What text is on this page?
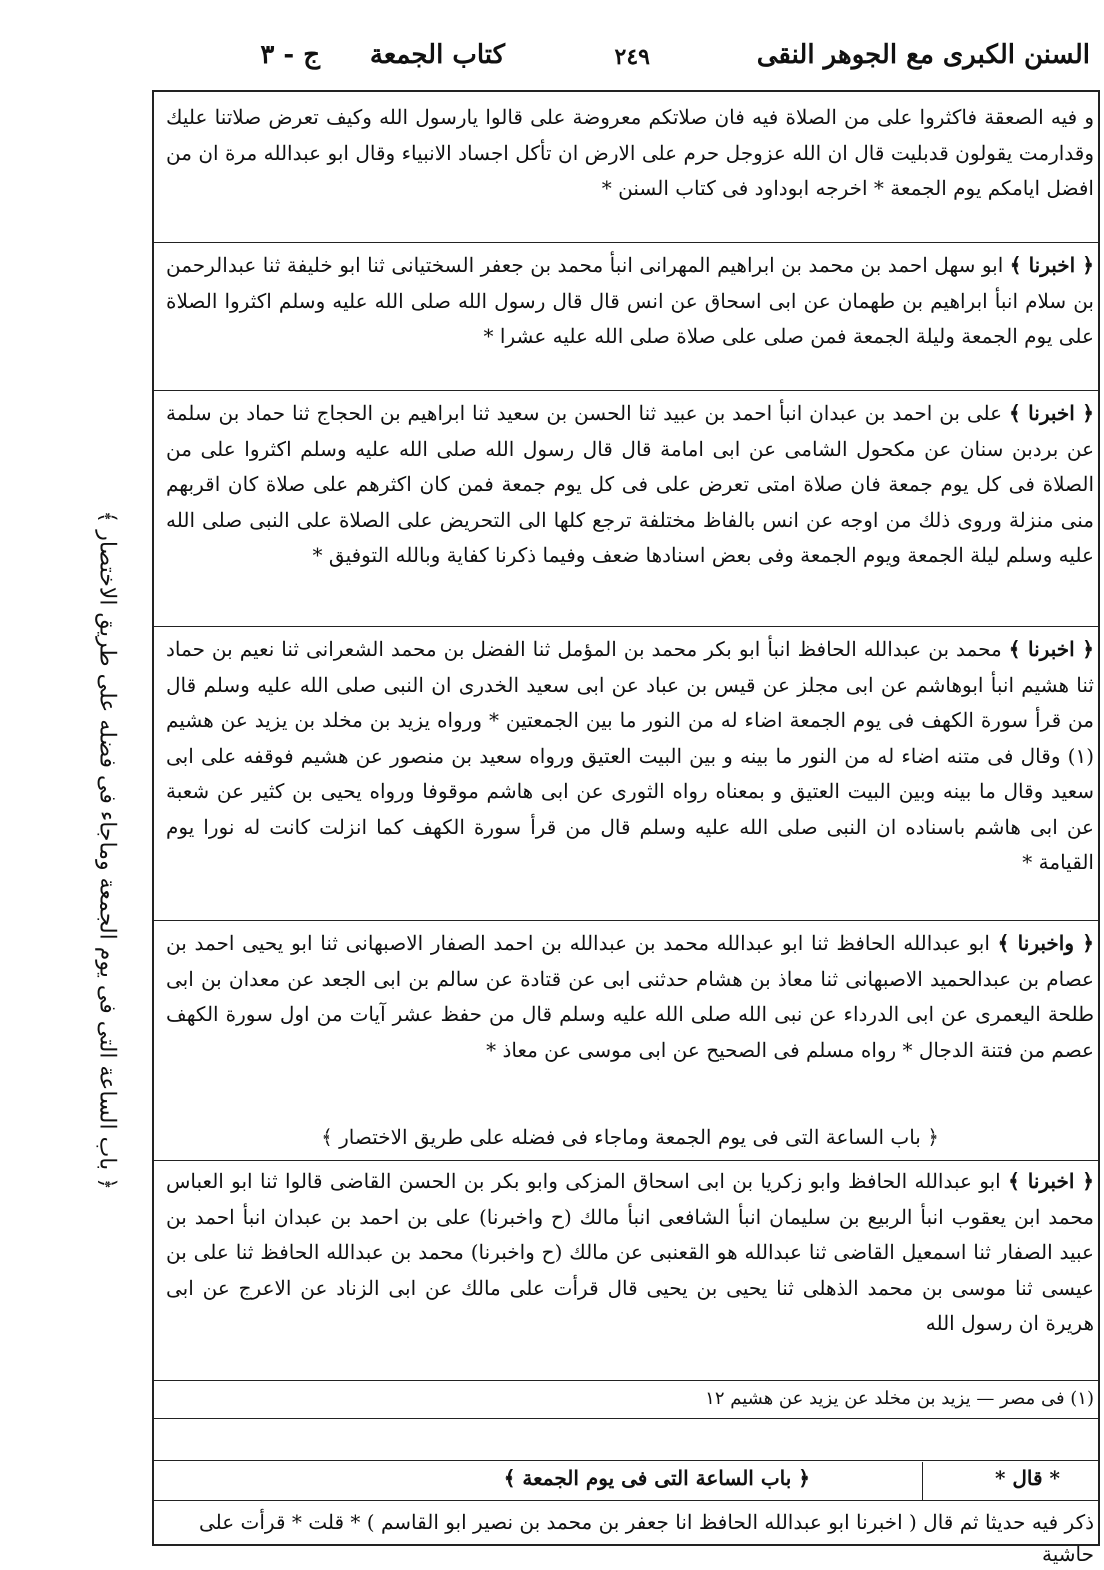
السنن الكبرى مع الجوهر النقى
٢٤٩
كتاب الجمعة
ج - ٣
﴿ باب الساعة التى فى يوم الجمعة وماجاء فى فضله على طريق الاختصار ﴾

و فيه الصعقة فاكثروا على من الصلاة فيه فان صلاتكم معروضة على قالوا يارسول الله وكيف تعرض صلاتنا عليك وقدارمت يقولون قدبليت قال ان الله عزوجل حرم على الارض ان تأكل اجساد الانبياء وقال ابو عبدالله مرة ان من افضل ايامكم يوم الجمعة * اخرجه ابوداود فى كتاب السنن *

﴿ اخبرنا ﴾ ابو سهل احمد بن محمد بن ابراهيم المهرانى انبأ محمد بن جعفر السختيانى ثنا ابو خليفة ثنا عبدالرحمن بن سلام انبأ ابراهيم بن طهمان عن ابى اسحاق عن انس قال قال رسول الله صلى الله عليه وسلم اكثروا الصلاة على يوم الجمعة وليلة الجمعة فمن صلى على صلاة صلى الله عليه عشرا *

﴿ اخبرنا ﴾ على بن احمد بن عبدان انبأ احمد بن عبيد ثنا الحسن بن سعيد ثنا ابراهيم بن الحجاج ثنا حماد بن سلمة عن بردبن سنان عن مكحول الشامى عن ابى امامة قال قال رسول الله صلى الله عليه وسلم اكثروا على من الصلاة فى كل يوم جمعة فان صلاة امتى تعرض على فى كل يوم جمعة فمن كان اكثرهم على صلاة كان اقربهم منى منزلة وروى ذلك من اوجه عن انس بالفاظ مختلفة ترجع كلها الى التحريض على الصلاة على النبى صلى الله عليه وسلم ليلة الجمعة ويوم الجمعة وفى بعض اسنادها ضعف وفيما ذكرنا كفاية وبالله التوفيق *

﴿ اخبرنا ﴾ محمد بن عبدالله الحافظ انبأ ابو بكر محمد بن المؤمل ثنا الفضل بن محمد الشعرانى ثنا نعيم بن حماد ثنا هشيم انبأ ابوهاشم عن ابى مجلز عن قيس بن عباد عن ابى سعيد الخدرى ان النبى صلى الله عليه وسلم قال من قرأ سورة الكهف فى يوم الجمعة اضاء له من النور ما بين الجمعتين * ورواه يزيد بن مخلد بن يزيد عن هشيم (١) وقال فى متنه اضاء له من النور ما بينه و بين البيت العتيق ورواه سعيد بن منصور عن هشيم فوقفه على ابى سعيد وقال ما بينه وبين البيت العتيق و بمعناه رواه الثورى عن ابى هاشم موقوفا ورواه يحيى بن كثير عن شعبة عن ابى هاشم باسناده ان النبى صلى الله عليه وسلم قال من قرأ سورة الكهف كما انزلت كانت له نورا يوم القيامة *

﴿ واخبرنا ﴾ ابو عبدالله الحافظ ثنا ابو عبدالله محمد بن عبدالله بن احمد الصفار الاصبهانى ثنا ابو يحيى احمد بن عصام بن عبدالحميد الاصبهانى ثنا معاذ بن هشام حدثنى ابى عن قتادة عن سالم بن ابى الجعد عن معدان بن ابى طلحة اليعمرى عن ابى الدرداء عن نبى الله صلى الله عليه وسلم قال من حفظ عشر آيات من اول سورة الكهف عصم من فتنة الدجال * رواه مسلم فى الصحيح عن ابى موسى عن معاذ *

﴿ باب الساعة التى فى يوم الجمعة وماجاء فى فضله على طريق الاختصار ﴾

﴿ اخبرنا ﴾ ابو عبدالله الحافظ وابو زكريا بن ابى اسحاق المزكى وابو بكر بن الحسن القاضى قالوا ثنا ابو العباس محمد ابن يعقوب انبأ الربيع بن سليمان انبأ الشافعى انبأ مالك (ح واخبرنا) على بن احمد بن عبدان انبأ احمد بن عبيد الصفار ثنا اسمعيل القاضى ثنا عبدالله هو القعنبى عن مالك (ح واخبرنا) محمد بن عبدالله الحافظ ثنا على بن عيسى ثنا موسى بن محمد الذهلى ثنا يحيى بن يحيى قال قرأت على مالك عن ابى الزناد عن الاعرج عن ابى هريرة ان رسول الله

(١) فى مصر — يزيد بن مخلد عن يزيد عن هشيم ١٢

* قال *
﴿ باب الساعة التى فى يوم الجمعة ﴾

ذكر فيه حديثا ثم قال ( اخبرنا ابو عبدالله الحافظ انا جعفر بن محمد بن نصير ابو القاسم ) * قلت * قرأت على حاشية
